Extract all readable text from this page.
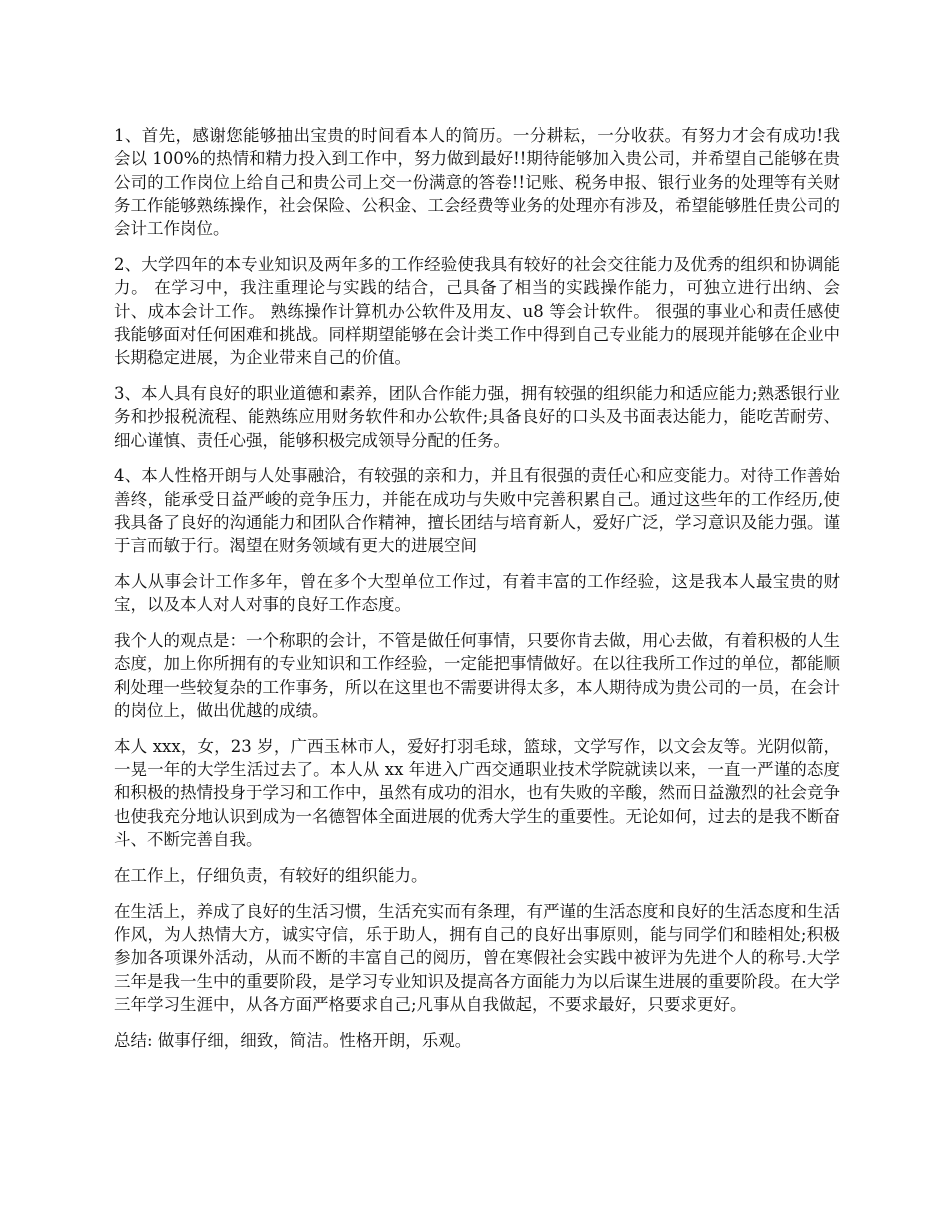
1、首先，感谢您能够抽出宝贵的时间看本人的简历。一分耕耘，一分收获。有努力才会有成功!我会以 100%的热情和精力投入到工作中，努力做到最好!!期待能够加入贵公司，并希望自己能够在贵公司的工作岗位上给自己和贵公司上交一份满意的答卷!!记账、税务申报、银行业务的处理等有关财务工作能够熟练操作，社会保险、公积金、工会经费等业务的处理亦有涉及，希望能够胜任贵公司的会计工作岗位。

2、大学四年的本专业知识及两年多的工作经验使我具有较好的社会交往能力及优秀的组织和协调能力。 在学习中，我注重理论与实践的结合，己具备了相当的实践操作能力，可独立进行出纳、会计、成本会计工作。 熟练操作计算机办公软件及用友、u8 等会计软件。 很强的事业心和责任感使我能够面对任何困难和挑战。同样期望能够在会计类工作中得到自己专业能力的展现并能够在企业中长期稳定进展，为企业带来自己的价值。

3、本人具有良好的职业道德和素养，团队合作能力强，拥有较强的组织能力和适应能力;熟悉银行业务和抄报税流程、能熟练应用财务软件和办公软件;具备良好的口头及书面表达能力，能吃苦耐劳、细心谨慎、责任心强，能够积极完成领导分配的任务。

4、本人性格开朗与人处事融洽，有较强的亲和力，并且有很强的责任心和应变能力。对待工作善始善终，能承受日益严峻的竞争压力，并能在成功与失败中完善积累自己。通过这些年的工作经历,使我具备了良好的沟通能力和团队合作精神，擅长团结与培育新人，爱好广泛，学习意识及能力强。谨于言而敏于行。渴望在财务领域有更大的进展空间

本人从事会计工作多年，曾在多个大型单位工作过，有着丰富的工作经验，这是我本人最宝贵的财宝，以及本人对人对事的良好工作态度。

我个人的观点是：一个称职的会计，不管是做任何事情，只要你肯去做，用心去做，有着积极的人生态度，加上你所拥有的专业知识和工作经验，一定能把事情做好。在以往我所工作过的单位，都能顺利处理一些较复杂的工作事务，所以在这里也不需要讲得太多，本人期待成为贵公司的一员，在会计的岗位上，做出优越的成绩。

本人 xxx，女，23 岁，广西玉林市人，爱好打羽毛球，篮球，文学写作，以文会友等。光阴似箭，一晃一年的大学生活过去了。本人从 xx 年进入广西交通职业技术学院就读以来，一直一严谨的态度和积极的热情投身于学习和工作中，虽然有成功的泪水，也有失败的辛酸，然而日益激烈的社会竞争也使我充分地认识到成为一名德智体全面进展的优秀大学生的重要性。无论如何，过去的是我不断奋斗、不断完善自我。

在工作上，仔细负责，有较好的组织能力。

在生活上，养成了良好的生活习惯，生活充实而有条理，有严谨的生活态度和良好的生活态度和生活作风，为人热情大方，诚实守信，乐于助人，拥有自己的良好出事原则，能与同学们和睦相处;积极参加各项课外活动，从而不断的丰富自己的阅历，曾在寒假社会实践中被评为先进个人的称号.大学三年是我一生中的重要阶段，是学习专业知识及提高各方面能力为以后谋生进展的重要阶段。在大学三年学习生涯中，从各方面严格要求自己;凡事从自我做起，不要求最好，只要求更好。

总结: 做事仔细，细致，简洁。性格开朗，乐观。
